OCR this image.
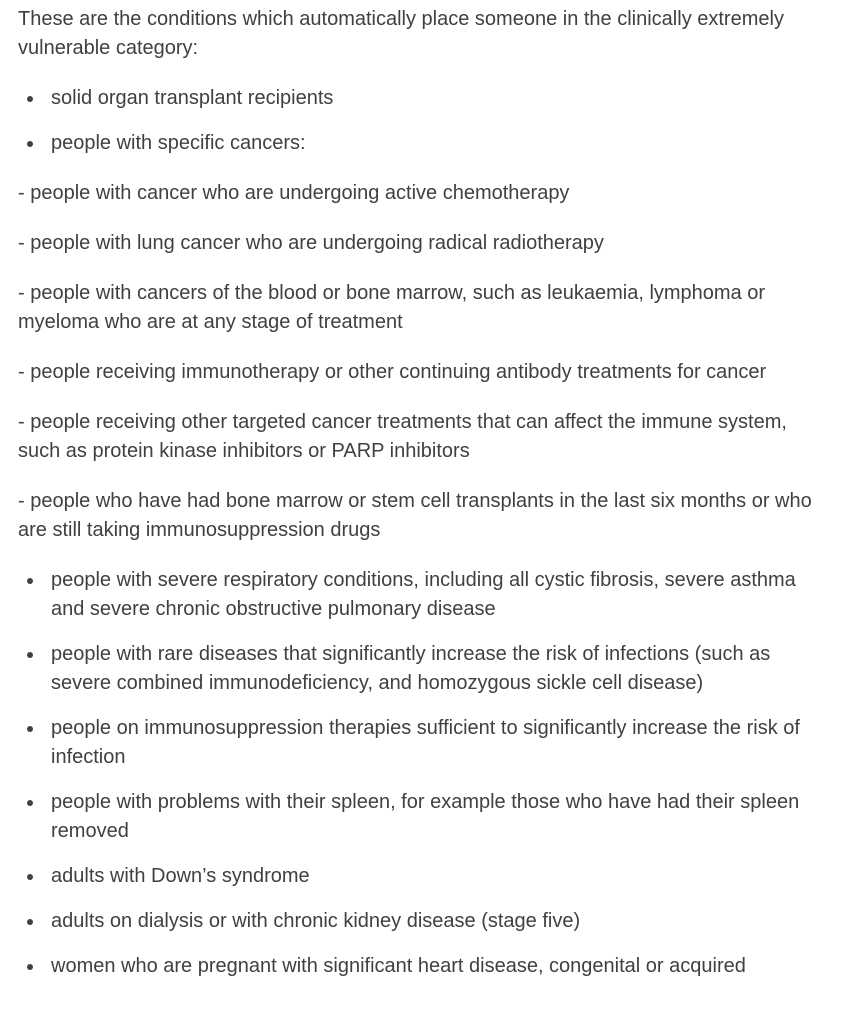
These are the conditions which automatically place someone in the clinically extremely vulnerable category:

solid organ transplant recipients
people with specific cancers:

- people with cancer who are undergoing active chemotherapy

- people with lung cancer who are undergoing radical radiotherapy

- people with cancers of the blood or bone marrow, such as leukaemia, lymphoma or myeloma who are at any stage of treatment

- people receiving immunotherapy or other continuing antibody treatments for cancer

- people receiving other targeted cancer treatments that can affect the immune system, such as protein kinase inhibitors or PARP inhibitors

- people who have had bone marrow or stem cell transplants in the last six months or who are still taking immunosuppression drugs

people with severe respiratory conditions, including all cystic fibrosis, severe asthma and severe chronic obstructive pulmonary disease
people with rare diseases that significantly increase the risk of infections (such as severe combined immunodeficiency, and homozygous sickle cell disease)
people on immunosuppression therapies sufficient to significantly increase the risk of infection
people with problems with their spleen, for example those who have had their spleen removed
adults with Down’s syndrome
adults on dialysis or with chronic kidney disease (stage five)
women who are pregnant with significant heart disease, congenital or acquired
